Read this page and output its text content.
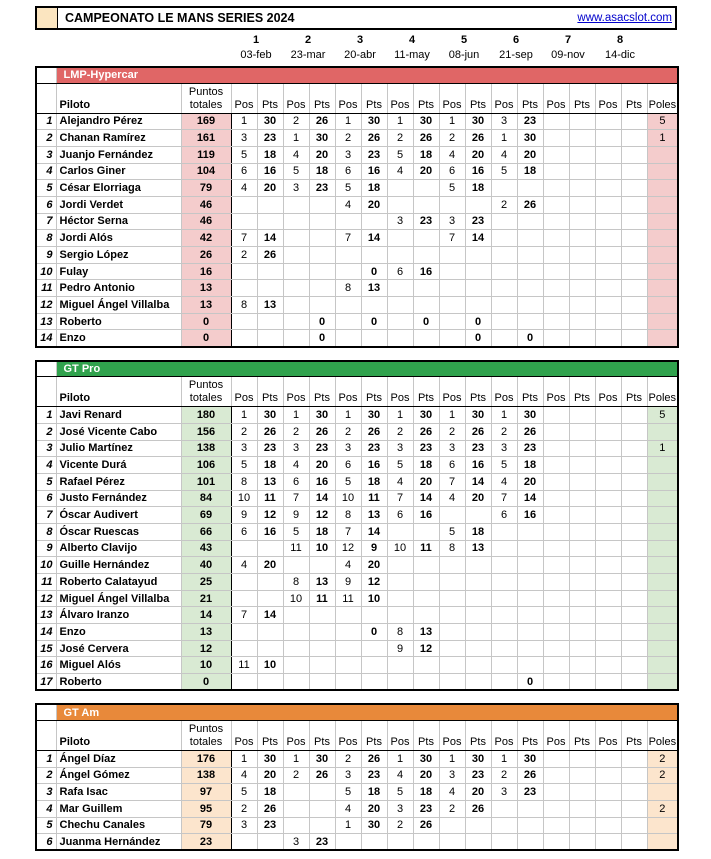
CAMPEONATO LE MANS SERIES 2024	www.asacslot.com
1
03-feb
2
23-mar
3
20-abr
4
11-may
5
08-jun
6
21-sep
7
09-nov
8
14-dic
	LMP-Hypercar																		
	Piloto	Puntos
totales	Pos	Pts	Pos	Pts	Pos	Pts	Pos	Pts	Pos	Pts	Pos	Pts	Pos	Pts	Pos	Pts	Poles
1	Alejandro Pérez	169	1	30	2	26	1	30	1	30	1	30	3	23					5
2	Chanan Ramírez	161	3	23	1	30	2	26	2	26	2	26	1	30					1
3	Juanjo Fernández	119	5	18	4	20	3	23	5	18	4	20	4	20					
4	Carlos Giner	104	6	16	5	18	6	16	4	20	6	16	5	18					
5	César Elorriaga	79	4	20	3	23	5	18			5	18							
6	Jordi Verdet	46					4	20					2	26					
7	Héctor Serna	46							3	23	3	23							
8	Jordi Alós	42	7	14			7	14			7	14							
9	Sergio López	26	2	26															
10	Fulay	16						0	6	16									
11	Pedro Antonio	13					8	13											
12	Miguel Ángel Villalba	13	8	13															
13	Roberto	0				0		0		0		0							
14	Enzo	0				0						0		0					
	GT Pro																		
	Piloto	Puntos
totales	Pos	Pts	Pos	Pts	Pos	Pts	Pos	Pts	Pos	Pts	Pos	Pts	Pos	Pts	Pos	Pts	Poles
1	Javi Renard	180	1	30	1	30	1	30	1	30	1	30	1	30					5
2	José Vicente Cabo	156	2	26	2	26	2	26	2	26	2	26	2	26					
3	Julio Martínez	138	3	23	3	23	3	23	3	23	3	23	3	23					1
4	Vicente Durá	106	5	18	4	20	6	16	5	18	6	16	5	18					
5	Rafael Pérez	101	8	13	6	16	5	18	4	20	7	14	4	20					
6	Justo Fernández	84	10	11	7	14	10	11	7	14	4	20	7	14					
7	Óscar Audivert	69	9	12	9	12	8	13	6	16			6	16					
8	Óscar Ruescas	66	6	16	5	18	7	14			5	18							
9	Alberto Clavijo	43			11	10	12	9	10	11	8	13							
10	Guille Hernández	40	4	20			4	20											
11	Roberto Calatayud	25			8	13	9	12											
12	Miguel Ángel Villalba	21			10	11	11	10											
13	Álvaro Iranzo	14	7	14															
14	Enzo	13						0	8	13									
15	José Cervera	12							9	12									
16	Miguel Alós	10	11	10															
17	Roberto	0												0					
	GT Am																		
	Piloto	Puntos
totales	Pos	Pts	Pos	Pts	Pos	Pts	Pos	Pts	Pos	Pts	Pos	Pts	Pos	Pts	Pos	Pts	Poles
1	Ángel Díaz	176	1	30	1	30	2	26	1	30	1	30	1	30					2
2	Ángel Gómez	138	4	20	2	26	3	23	4	20	3	23	2	26					2
3	Rafa Isac	97	5	18			5	18	5	18	4	20	3	23					
4	Mar Guillem	95	2	26			4	20	3	23	2	26							2
5	Chechu Canales	79	3	23			1	30	2	26									
6	Juanma Hernández	23			3	23													
